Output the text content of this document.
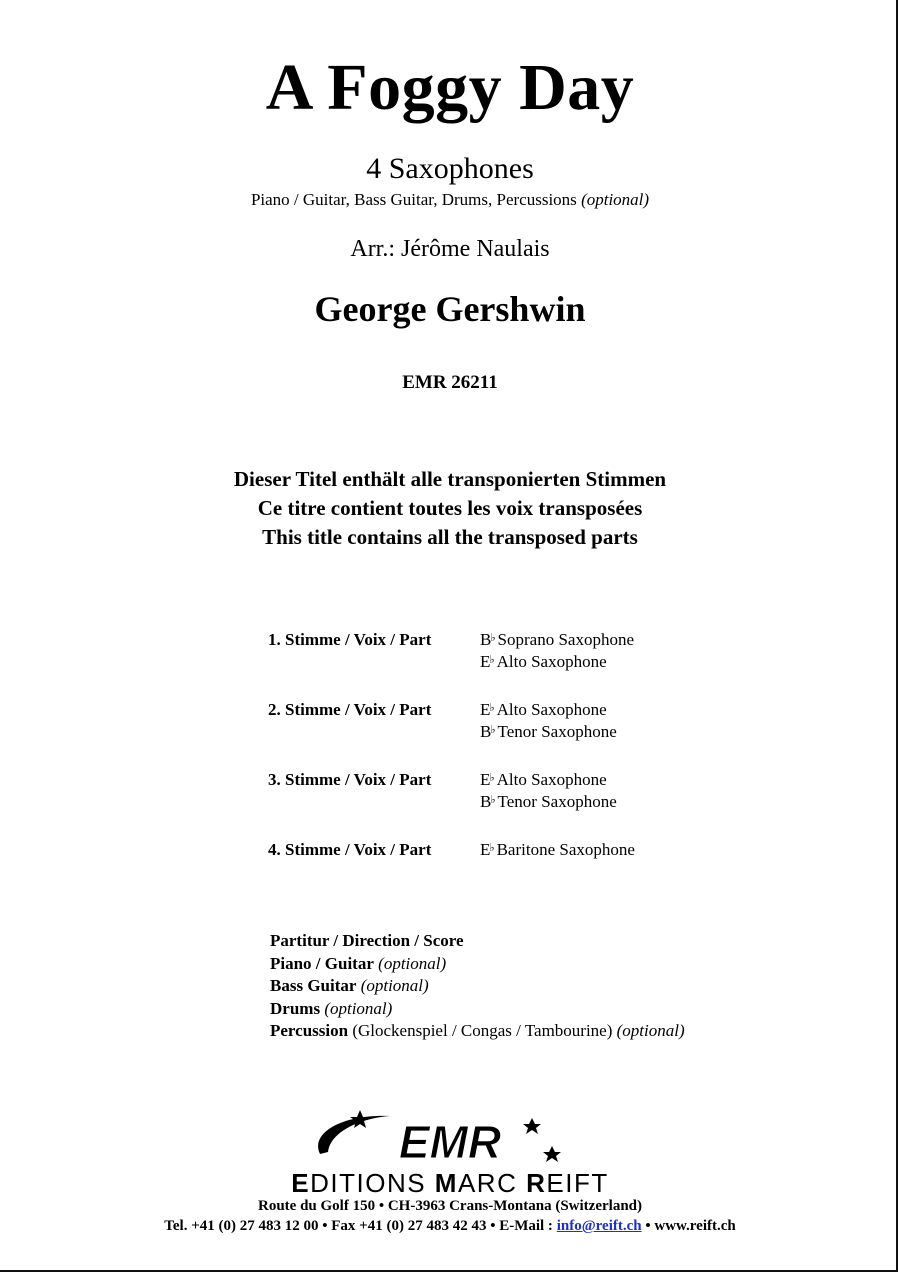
A Foggy Day
4 Saxophones
Piano / Guitar, Bass Guitar, Drums, Percussions (optional)
Arr.: Jérôme Naulais
George Gershwin
EMR 26211
Dieser Titel enthält alle transponierten Stimmen
Ce titre contient toutes les voix transposées
This title contains all the transposed parts
1. Stimme / Voix / Part	B♭ Soprano Saxophone
E♭ Alto Saxophone
2. Stimme / Voix / Part	E♭ Alto Saxophone
B♭ Tenor Saxophone
3. Stimme / Voix / Part	E♭ Alto Saxophone
B♭ Tenor Saxophone
4. Stimme / Voix / Part	E♭ Baritone Saxophone
Partitur / Direction / Score
Piano / Guitar (optional)
Bass Guitar (optional)
Drums (optional)
Percussion (Glockenspiel / Congas / Tambourine) (optional)
EMR
EDITIONS MARC REIFT
Route du Golf 150 • CH-3963 Crans-Montana (Switzerland)
Tel. +41 (0) 27 483 12 00 • Fax +41 (0) 27 483 42 43 • E-Mail : info@reift.ch • www.reift.ch
